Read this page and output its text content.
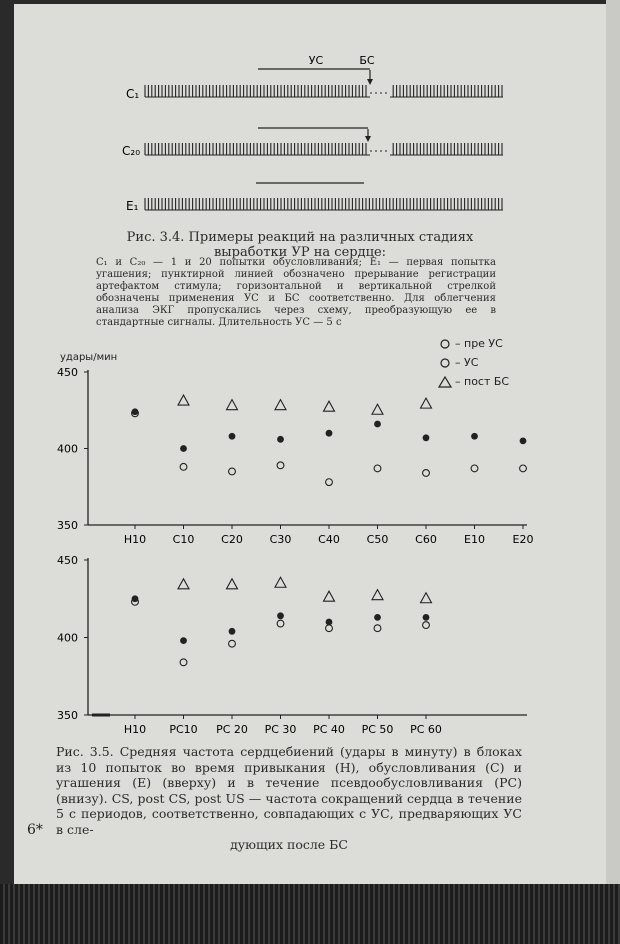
УС	БС
C₁
C₂₀
E₁
Рис. 3.4. Примеры реакций на различных стадиях выработки УР на сердце:
C₁ и C₂₀ — 1 и 20 попытки обусловливания; E₁ — первая попытка угашения; пунктирной линией обозначено прерывание регистрации артефактом стимула; горизонтальной и вертикальной стрелкой обозначены применения УС и БС соответственно. Для облегчения анализа ЭКГ пропускались через схему, преобразующую ее в стандартные сигналы. Длительность УС — 5 с
удары/мин
– пре УС
– УС
– пост БС
350
400
450
H10 C10 C20 C30 C40 C50 C60 E10	E20
350
400
450
H10 РС10 РС 20 РС 30 РС 40 РС 50 РС 60
Рис. 3.5. Средняя частота сердцебиений (удары в минуту) в блоках из 10 попыток во время привыкания (H), обусловливания (C) и угашения (E) (вверху) и в течение псевдообусловливания (PC) (внизу). CS, post CS, post US — частота сокращений сердца в течение 5 с периодов, соответственно, совпадающих с УС, предваряющих УС в сле-
дующих после БС
6*
